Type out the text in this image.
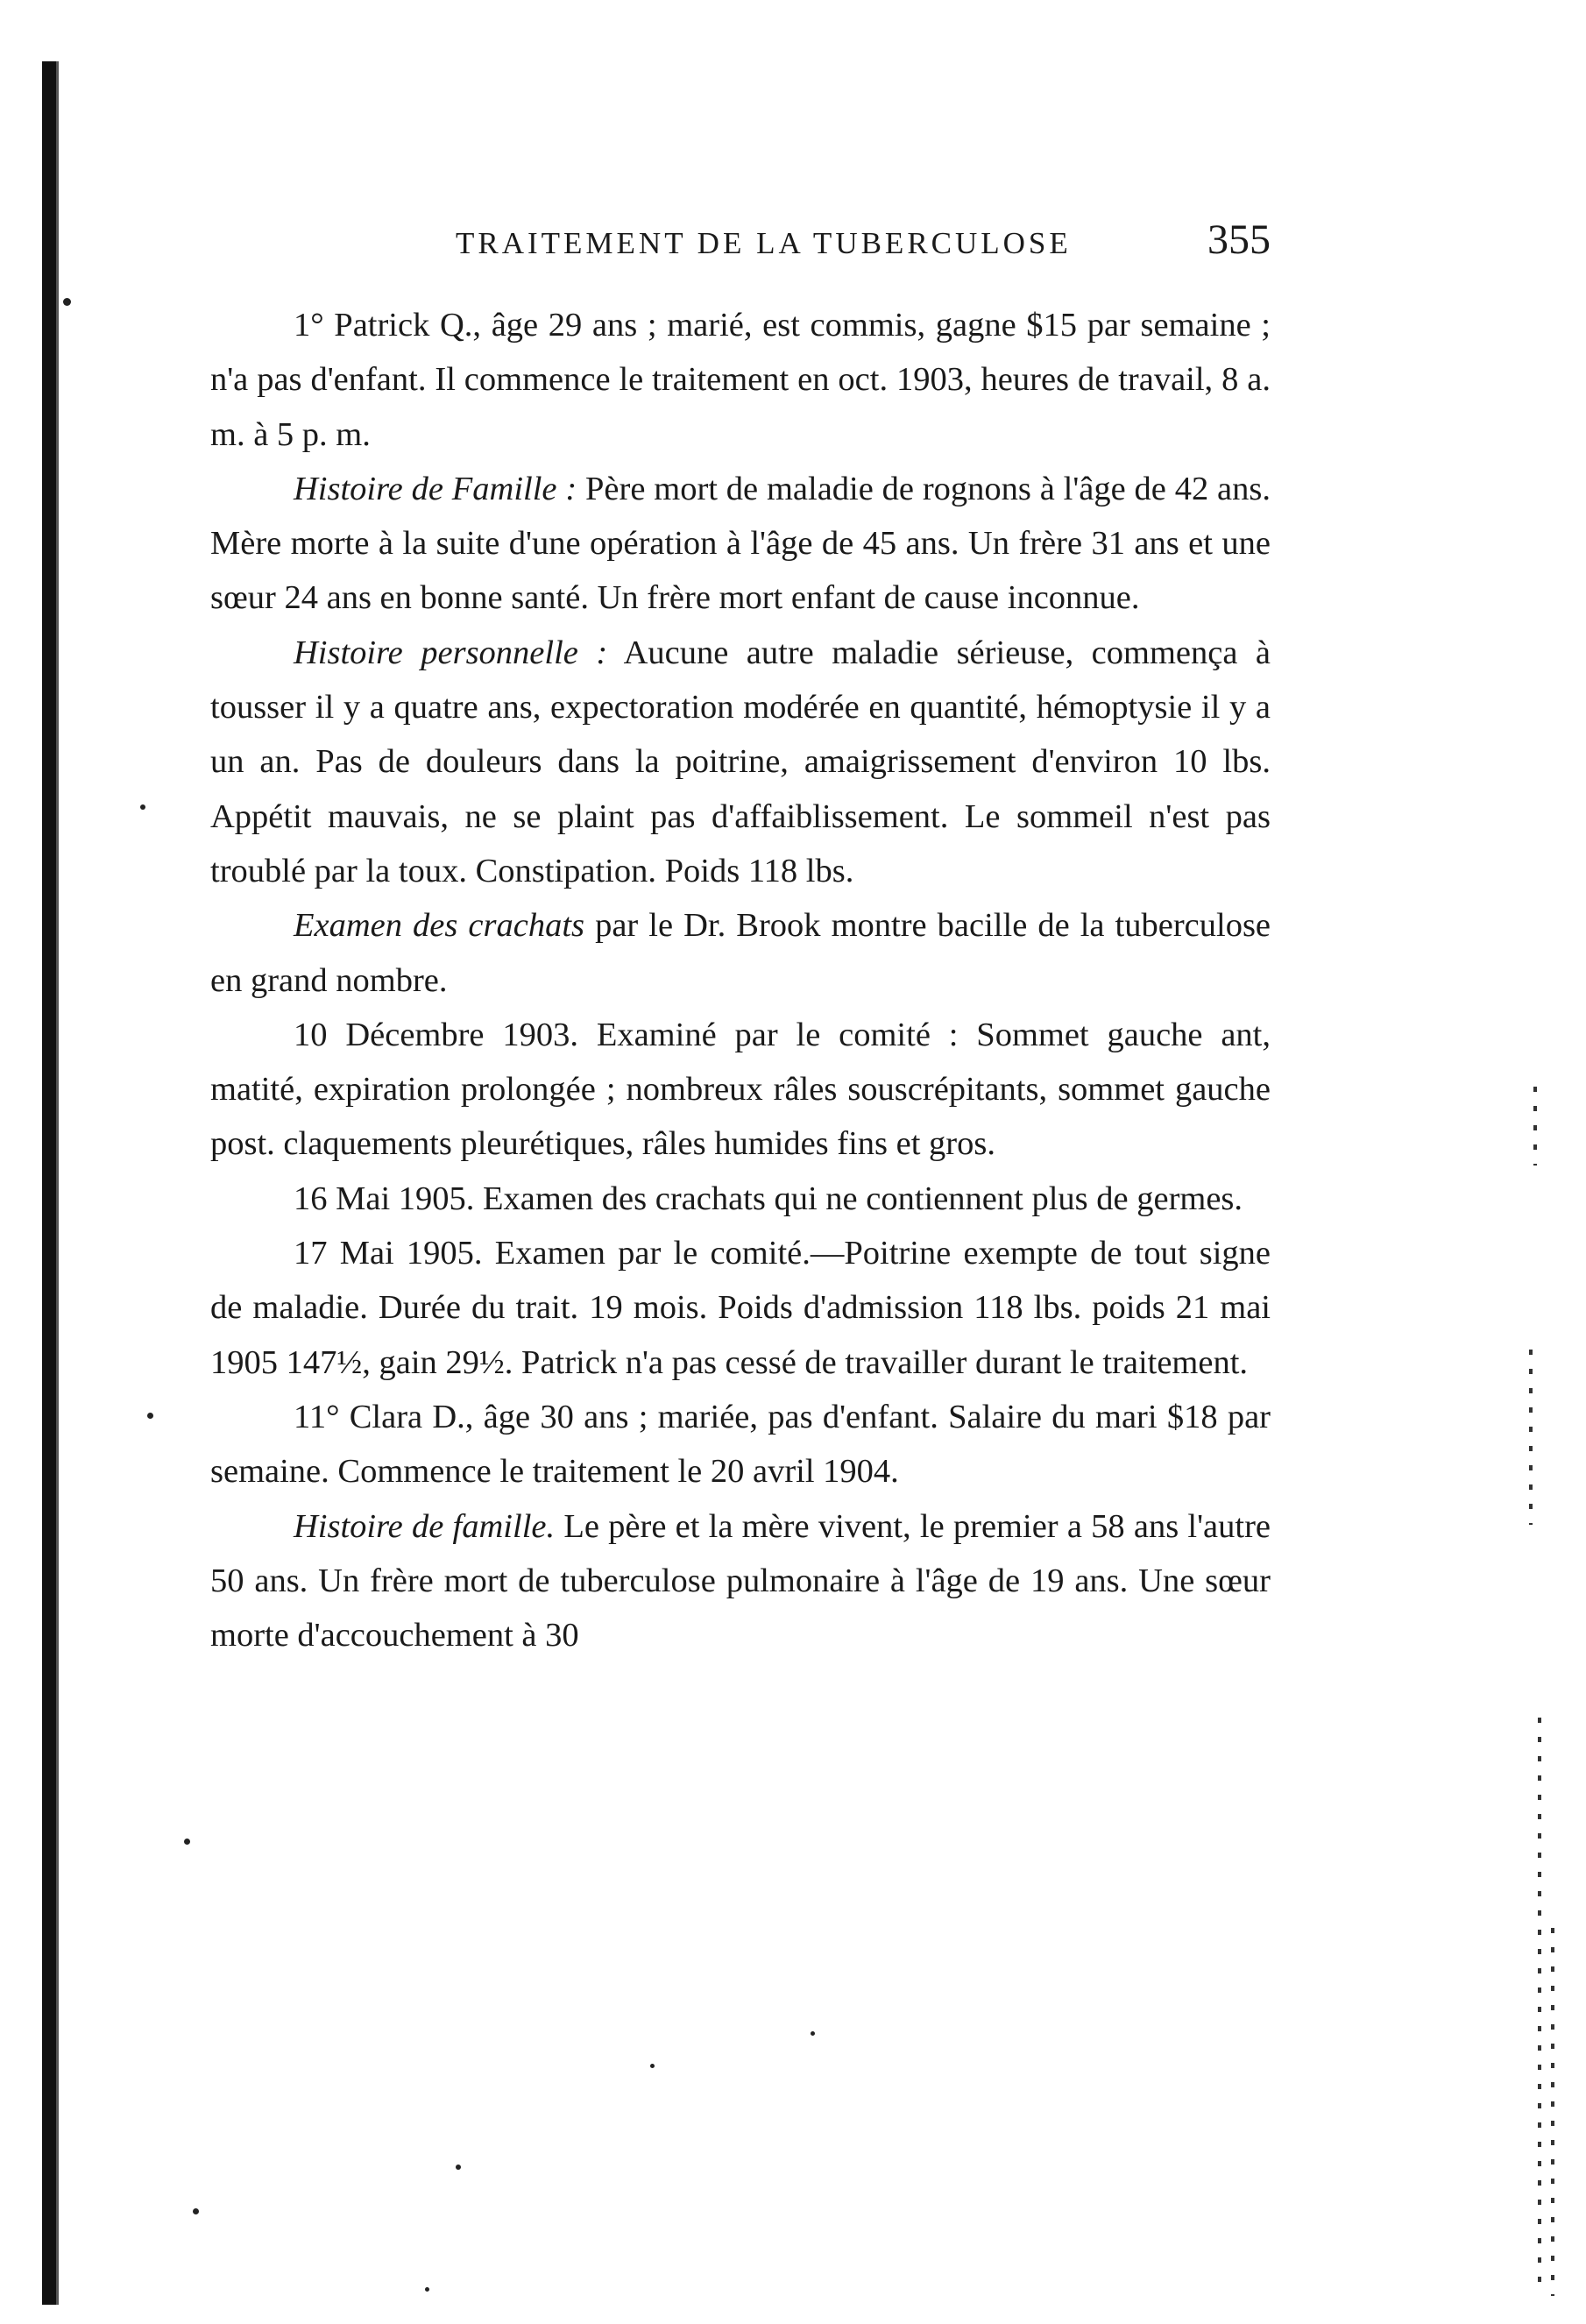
TRAITEMENT DE LA TUBERCULOSE	355

1° Patrick Q., âge 29 ans ; marié, est commis, gagne $15 par semaine ; n'a pas d'enfant. Il commence le traitement en oct. 1903, heures de travail, 8 a. m. à 5 p. m.

Histoire de Famille : Père mort de maladie de rognons à l'âge de 42 ans. Mère morte à la suite d'une opération à l'âge de 45 ans. Un frère 31 ans et une sœur 24 ans en bonne santé. Un frère mort enfant de cause inconnue.

Histoire personnelle : Aucune autre maladie sérieuse, commença à tousser il y a quatre ans, expectoration modérée en quantité, hémoptysie il y a un an. Pas de douleurs dans la poitrine, amaigrissement d'environ 10 lbs. Appétit mauvais, ne se plaint pas d'affaiblissement. Le sommeil n'est pas troublé par la toux. Constipation. Poids 118 lbs.

Examen des crachats par le Dr. Brook montre bacille de la tuberculose en grand nombre.

10 Décembre 1903. Examiné par le comité : Sommet gauche ant, matité, expiration prolongée ; nombreux râles souscrépitants, sommet gauche post. claquements pleurétiques, râles humides fins et gros.

16 Mai 1905. Examen des crachats qui ne contiennent plus de germes.

17 Mai 1905. Examen par le comité.—Poitrine exempte de tout signe de maladie. Durée du trait. 19 mois. Poids d'admission 118 lbs. poids 21 mai 1905 147½, gain 29½. Patrick n'a pas cessé de travailler durant le traitement.

11° Clara D., âge 30 ans ; mariée, pas d'enfant. Salaire du mari $18 par semaine. Commence le traitement le 20 avril 1904.

Histoire de famille. Le père et la mère vivent, le premier a 58 ans l'autre 50 ans. Un frère mort de tuberculose pulmonaire à l'âge de 19 ans. Une sœur morte d'accouchement à 30
